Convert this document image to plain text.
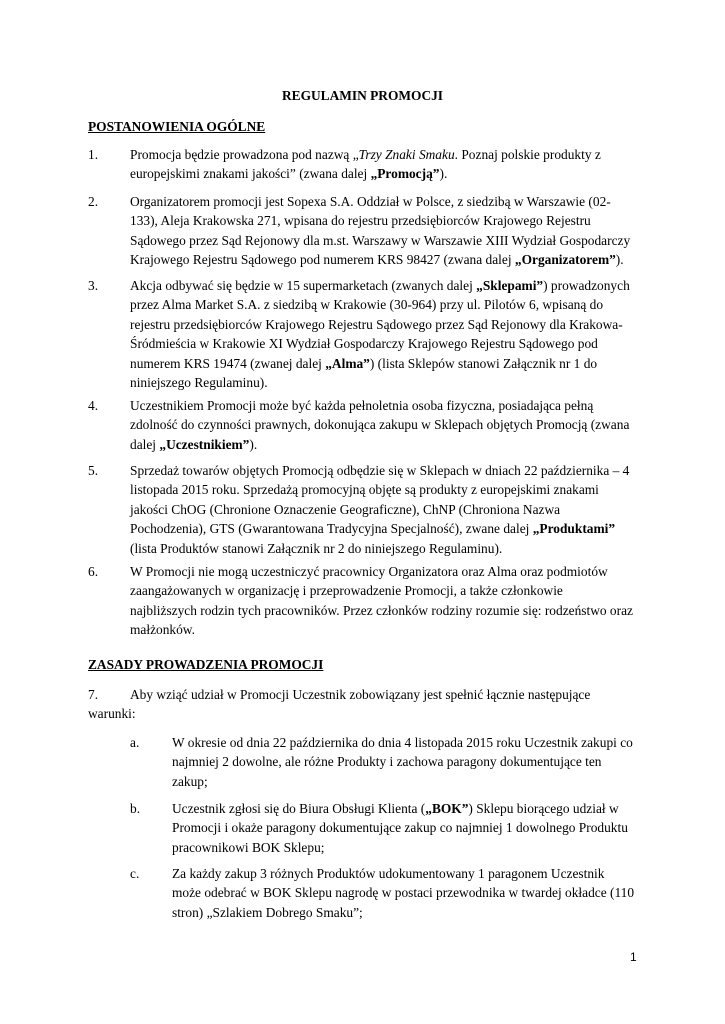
REGULAMIN PROMOCJI
POSTANOWIENIA OGÓLNE
1. Promocja będzie prowadzona pod nazwą „Trzy Znaki Smaku. Poznaj polskie produkty z europejskimi znakami jakości” (zwana dalej „Promocją”).
2. Organizatorem promocji jest Sopexa S.A. Oddział w Polsce, z siedzibą w Warszawie (02-133), Aleja Krakowska 271, wpisana do rejestru przedsiębiorców Krajowego Rejestru Sądowego przez Sąd Rejonowy dla m.st. Warszawy w Warszawie XIII Wydział Gospodarczy Krajowego Rejestru Sądowego pod numerem KRS 98427 (zwana dalej „Organizatorem”).
3. Akcja odbywać się będzie w 15 supermarketach (zwanych dalej „Sklepami”) prowadzonych przez Alma Market S.A. z siedzibą w Krakowie (30-964) przy ul. Pilotów 6, wpisaną do rejestru przedsiębiorców Krajowego Rejestru Sądowego przez Sąd Rejonowy dla Krakowa-Śródmieścia w Krakowie XI Wydział Gospodarczy Krajowego Rejestru Sądowego pod numerem KRS 19474 (zwanej dalej „Alma”) (lista Sklepów stanowi Załącznik nr 1 do niniejszego Regulaminu).
4. Uczestnikiem Promocji może być każda pełnoletnia osoba fizyczna, posiadająca pełną zdolność do czynności prawnych, dokonująca zakupu w Sklepach objętych Promocją (zwana dalej „Uczestnikiem”).
5. Sprzedaż towarów objętych Promocją odbędzie się w Sklepach w dniach 22 października – 4 listopada 2015 roku. Sprzedażą promocyjną objęte są produkty z europejskimi znakami jakości ChOG (Chronione Oznaczenie Geograficzne), ChNP (Chroniona Nazwa Pochodzenia), GTS (Gwarantowana Tradycyjna Specjalność), zwane dalej „Produktami” (lista Produktów stanowi Załącznik nr 2 do niniejszego Regulaminu).
6. W Promocji nie mogą uczestniczyć pracownicy Organizatora oraz Alma oraz podmiotów zaangażowanych w organizację i przeprowadzenie Promocji, a także członkowie najbliższych rodzin tych pracowników. Przez członków rodziny rozumie się: rodzeństwo oraz małżonków.
ZASADY PROWADZENIA PROMOCJI
7. Aby wziąć udział w Promocji Uczestnik zobowiązany jest spełnić łącznie następujące warunki:
a. W okresie od dnia 22 października do dnia 4 listopada 2015 roku Uczestnik zakupi co najmniej 2 dowolne, ale różne Produkty i zachowa paragony dokumentujące ten zakup;
b. Uczestnik zgłosi się do Biura Obsługi Klienta („BOK”) Sklepu biorącego udział w Promocji i okaże paragony dokumentujące zakup co najmniej 1 dowolnego Produktu pracownikowi BOK Sklepu;
c. Za każdy zakup 3 różnych Produktów udokumentowany 1 paragonem Uczestnik może odebrać w BOK Sklepu nagrodę w postaci przewodnika w twardej okładce (110 stron) „Szlakiem Dobrego Smaku”;
1
